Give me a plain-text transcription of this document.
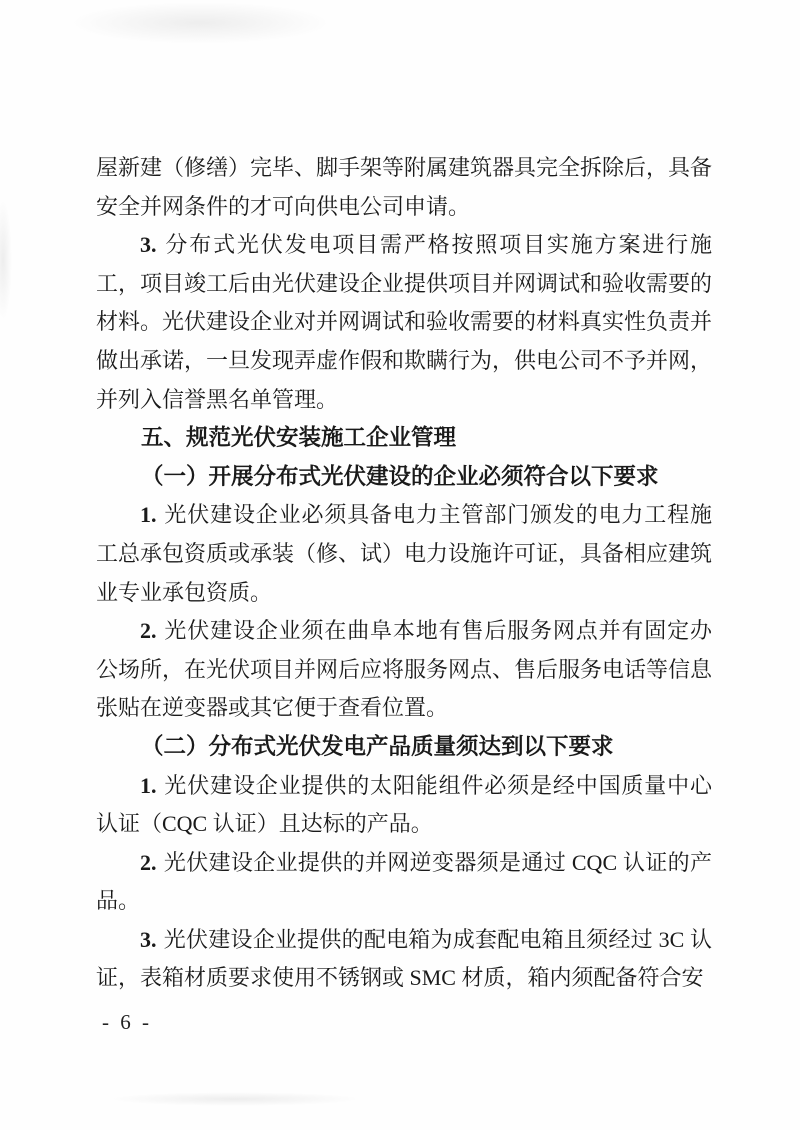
屋新建（修缮）完毕、脚手架等附属建筑器具完全拆除后，具备安全并网条件的才可向供电公司申请。

3. 分布式光伏发电项目需严格按照项目实施方案进行施工，项目竣工后由光伏建设企业提供项目并网调试和验收需要的材料。光伏建设企业对并网调试和验收需要的材料真实性负责并做出承诺，一旦发现弄虚作假和欺瞒行为，供电公司不予并网，并列入信誉黑名单管理。

五、规范光伏安装施工企业管理

（一）开展分布式光伏建设的企业必须符合以下要求

1. 光伏建设企业必须具备电力主管部门颁发的电力工程施工总承包资质或承装（修、试）电力设施许可证，具备相应建筑业专业承包资质。

2. 光伏建设企业须在曲阜本地有售后服务网点并有固定办公场所，在光伏项目并网后应将服务网点、售后服务电话等信息张贴在逆变器或其它便于查看位置。

（二）分布式光伏发电产品质量须达到以下要求

1. 光伏建设企业提供的太阳能组件必须是经中国质量中心认证（CQC 认证）且达标的产品。

2. 光伏建设企业提供的并网逆变器须是通过 CQC 认证的产品。

3. 光伏建设企业提供的配电箱为成套配电箱且须经过 3C 认证，表箱材质要求使用不锈钢或 SMC 材质，箱内须配备符合安

- 6 -
